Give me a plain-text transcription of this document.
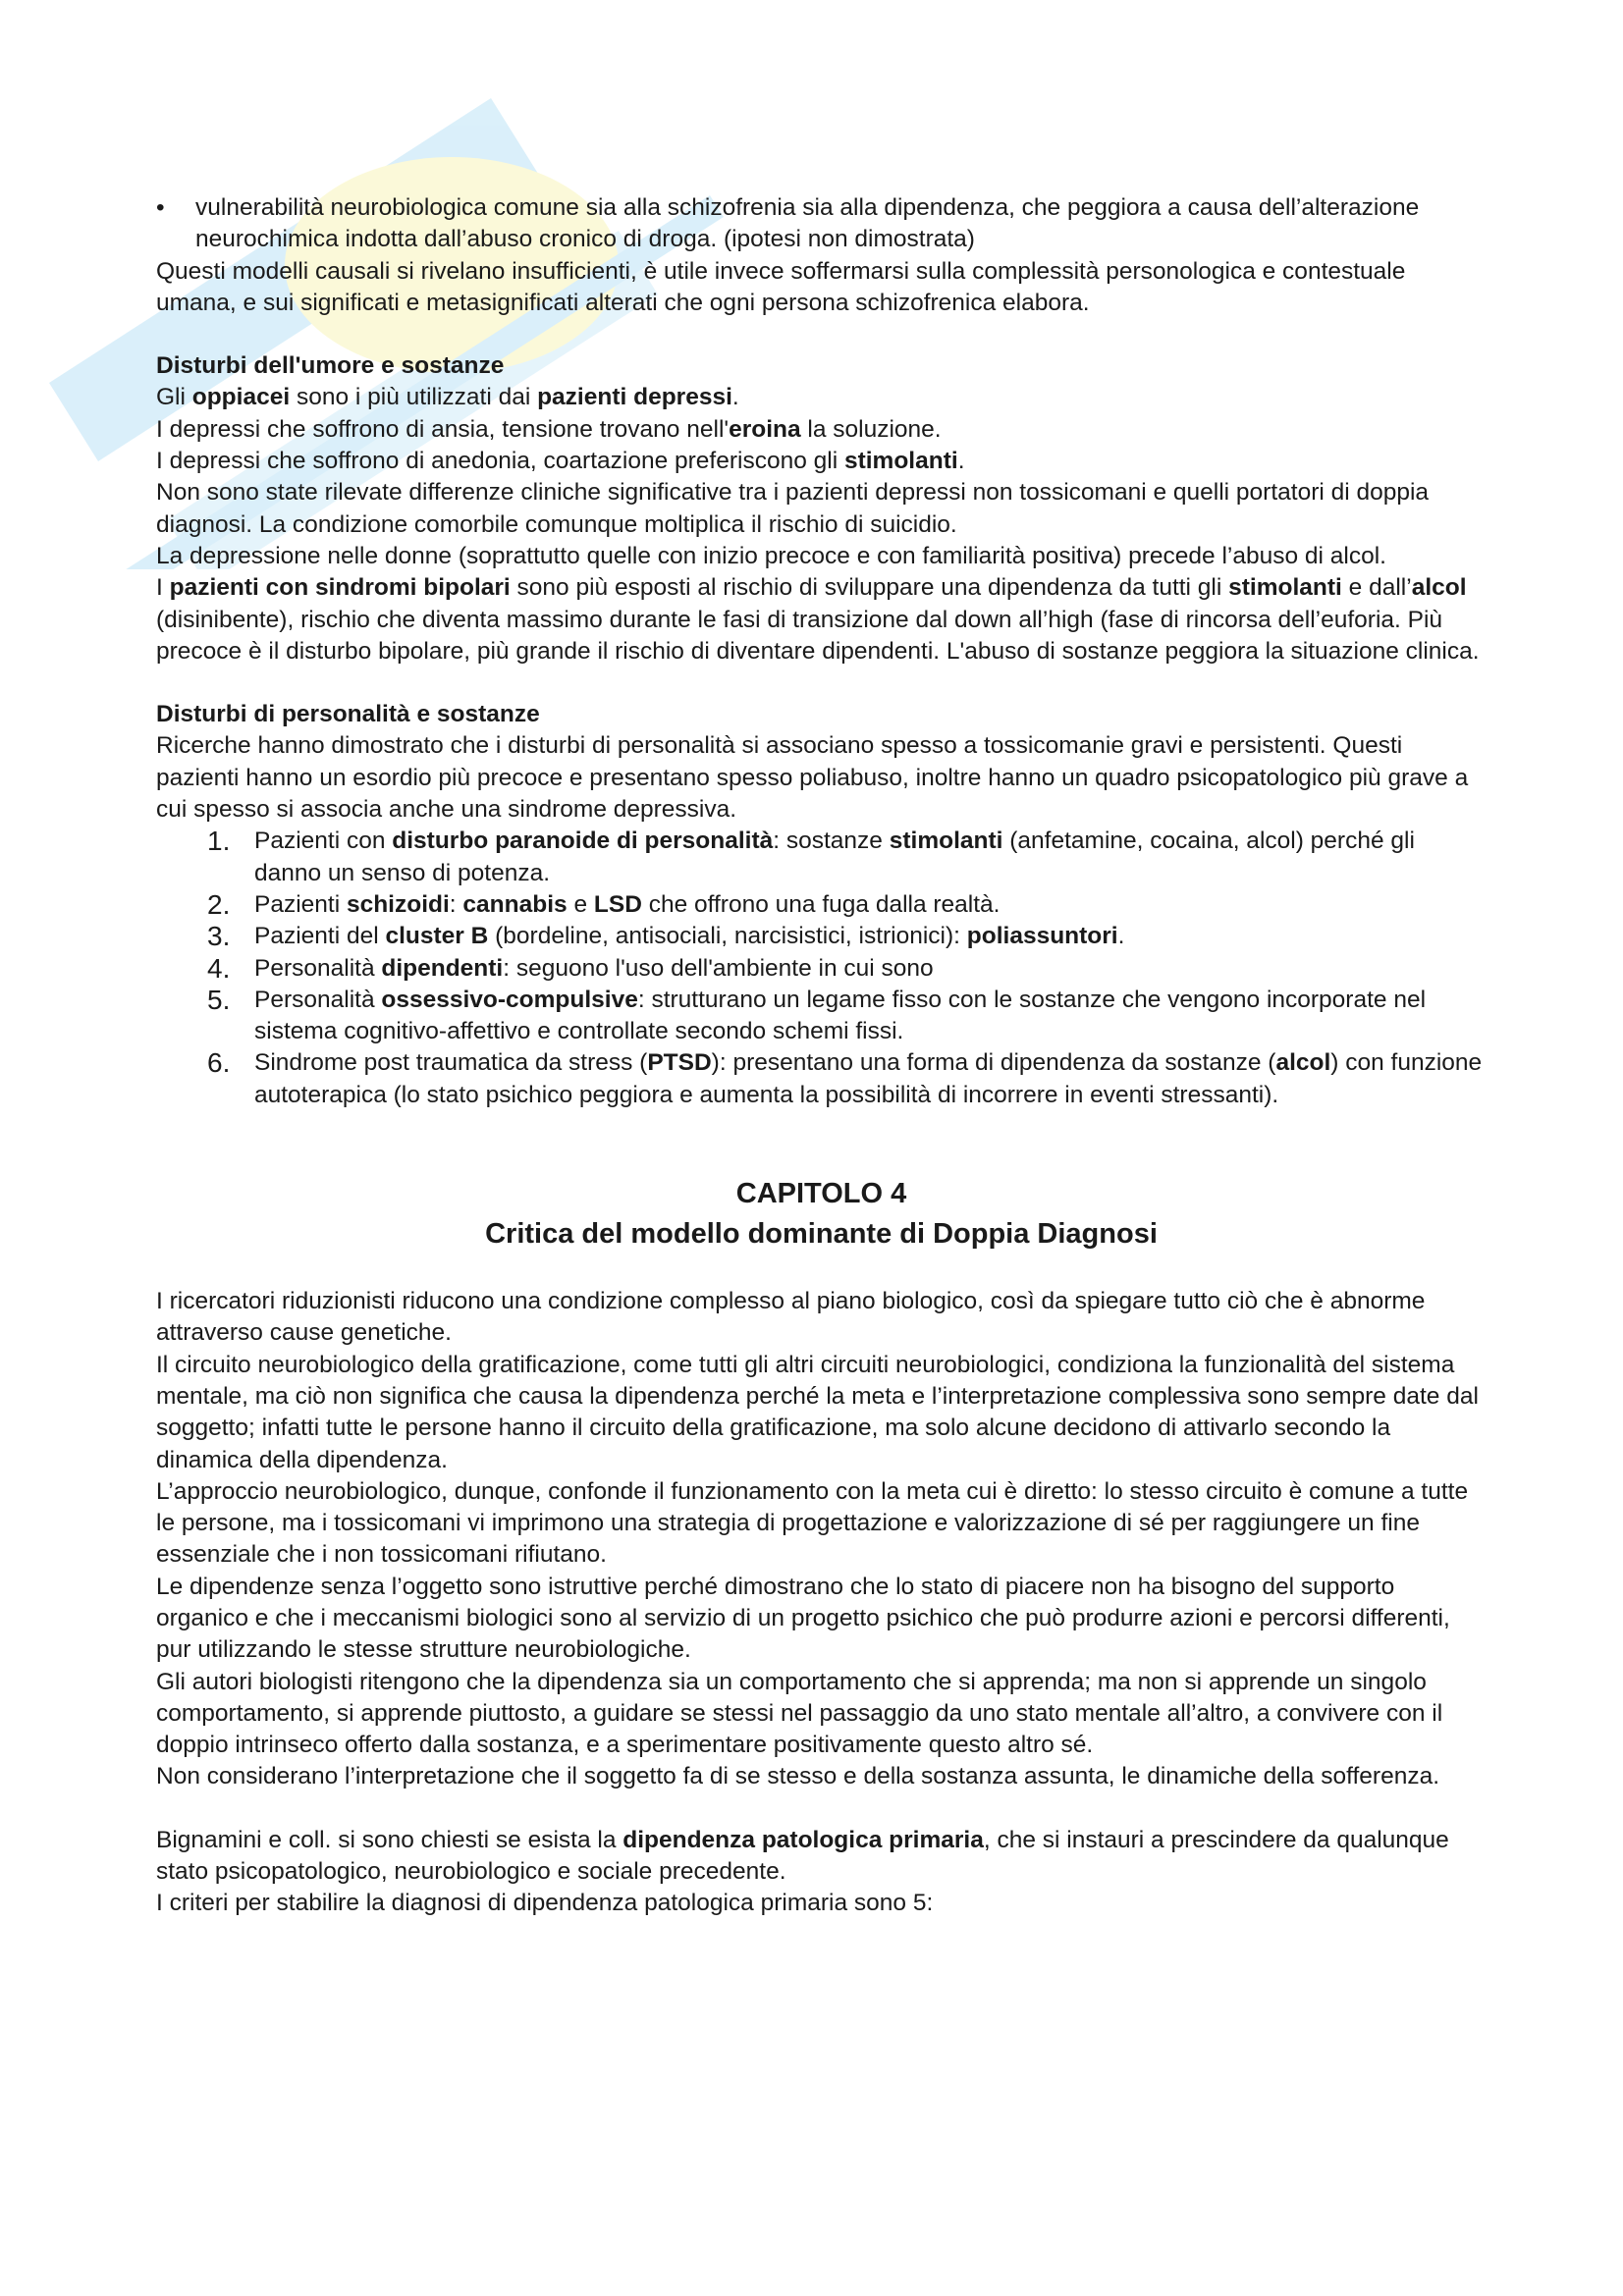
• vulnerabilità neurobiologica comune sia alla schizofrenia sia alla dipendenza, che peggiora a causa dell’alterazione neurochimica indotta dall’abuso cronico di droga. (ipotesi non dimostrata)

Questi modelli causali si rivelano insufficienti, è utile invece soffermarsi sulla complessità personologica e contestuale umana, e sui significati e metasignificati alterati che ogni persona schizofrenica elabora.

Disturbi dell'umore e sostanze

Gli oppiacei sono i più utilizzati dai pazienti depressi.

I depressi che soffrono di ansia, tensione trovano nell'eroina la soluzione.

I depressi che soffrono di anedonia, coartazione preferiscono gli stimolanti.

Non sono state rilevate differenze cliniche significative tra i pazienti depressi non tossicomani e quelli portatori di doppia diagnosi. La condizione comorbile comunque moltiplica il rischio di suicidio.

La depressione nelle donne (soprattutto quelle con inizio precoce e con familiarità positiva) precede l’abuso di alcol.

I pazienti con sindromi bipolari sono più esposti al rischio di sviluppare una dipendenza da tutti gli stimolanti e dall’alcol (disinibente), rischio che diventa massimo durante le fasi di transizione dal down all’high (fase di rincorsa dell’euforia. Più precoce è il disturbo bipolare, più grande il rischio di diventare dipendenti. L'abuso di sostanze peggiora la situazione clinica.

Disturbi di personalità e sostanze

Ricerche hanno dimostrato che i disturbi di personalità si associano spesso a tossicomanie gravi e persistenti. Questi pazienti hanno un esordio più precoce e presentano spesso poliabuso, inoltre hanno un quadro psicopatologico più grave a cui spesso si associa anche una sindrome depressiva.

1. Pazienti con disturbo paranoide di personalità: sostanze stimolanti (anfetamine, cocaina, alcol) perché gli danno un senso di potenza.
2. Pazienti schizoidi: cannabis e LSD che offrono una fuga dalla realtà.
3. Pazienti del cluster B (bordeline, antisociali, narcisistici, istrionici): poliassuntori.
4. Personalità dipendenti: seguono l'uso dell'ambiente in cui sono
5. Personalità ossessivo-compulsive: strutturano un legame fisso con le sostanze che vengono incorporate nel sistema cognitivo-affettivo e controllate secondo schemi fissi.
6. Sindrome post traumatica da stress (PTSD): presentano una forma di dipendenza da sostanze (alcol) con funzione autoterapica (lo stato psichico peggiora e aumenta la possibilità di incorrere in eventi stressanti).

CAPITOLO 4

Critica del modello dominante di Doppia Diagnosi

I ricercatori riduzionisti riducono una condizione complesso al piano biologico, così da spiegare tutto ciò che è abnorme attraverso cause genetiche.

Il circuito neurobiologico della gratificazione, come tutti gli altri circuiti neurobiologici, condiziona la funzionalità del sistema mentale, ma ciò non significa che causa la dipendenza perché la meta e l’interpretazione complessiva sono sempre date dal soggetto; infatti tutte le persone hanno il circuito della gratificazione, ma solo alcune decidono di attivarlo secondo la dinamica della dipendenza.

L’approccio neurobiologico, dunque, confonde il funzionamento con la meta cui è diretto: lo stesso circuito è comune a tutte le persone, ma i tossicomani vi imprimono una strategia di progettazione e valorizzazione di sé per raggiungere un fine essenziale che i non tossicomani rifiutano.

Le dipendenze senza l’oggetto sono istruttive perché dimostrano che lo stato di piacere non ha bisogno del supporto organico e che i meccanismi biologici sono al servizio di un progetto psichico che può produrre azioni e percorsi differenti, pur utilizzando le stesse strutture neurobiologiche.

Gli autori biologisti ritengono che la dipendenza sia un comportamento che si apprenda; ma non si apprende un singolo comportamento, si apprende piuttosto, a guidare se stessi nel passaggio da uno stato mentale all’altro, a convivere con il doppio intrinseco offerto dalla sostanza, e a sperimentare positivamente questo altro sé.

Non considerano l’interpretazione che il soggetto fa di se stesso e della sostanza assunta, le dinamiche della sofferenza.

Bignamini e coll. si sono chiesti se esista la dipendenza patologica primaria, che si instauri a prescindere da qualunque stato psicopatologico, neurobiologico e sociale precedente.

I criteri per stabilire la diagnosi di dipendenza patologica primaria sono 5:
